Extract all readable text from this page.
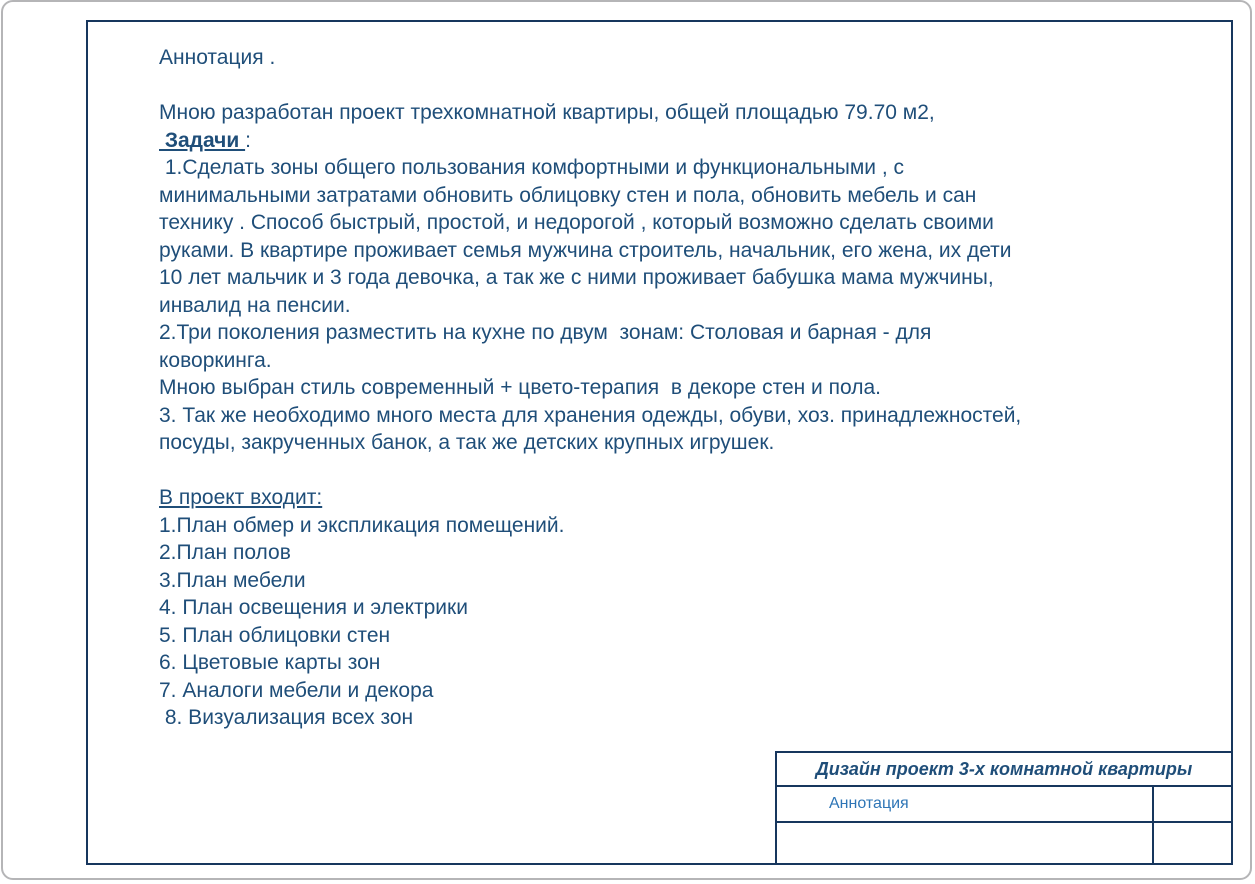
Аннотация .
Мною разработан проект трехкомнатной квартиры, общей площадью 79.70 м2,
Задачи :
1.Сделать зоны общего пользования комфортными и функциональными , с
минимальными затратами обновить облицовку стен и пола, обновить мебель и сан
технику . Способ быстрый, простой, и недорогой , который возможно сделать своими
руками. В квартире проживает семья мужчина строитель, начальник, его жена, их дети
10 лет мальчик и 3 года девочка, а так же с ними проживает бабушка мама мужчины,
инвалид на пенсии.
2.Три поколения разместить на кухне по двум  зонам: Столовая и барная - для
коворкинга.
Мною выбран стиль современный + цвето-терапия  в декоре стен и пола.
3. Так же необходимо много места для хранения одежды, обуви, хоз. принадлежностей,
посуды, закрученных банок, а так же детских крупных игрушек.
В проект входит:
1.План обмер и экспликация помещений.
2.План полов
3.План мебели
4. План освещения и электрики
5. План облицовки стен
6. Цветовые карты зон
7. Аналоги мебели и декора
8. Визуализация всех зон
Дизайн проект 3-х комнатной квартиры
Аннотация
